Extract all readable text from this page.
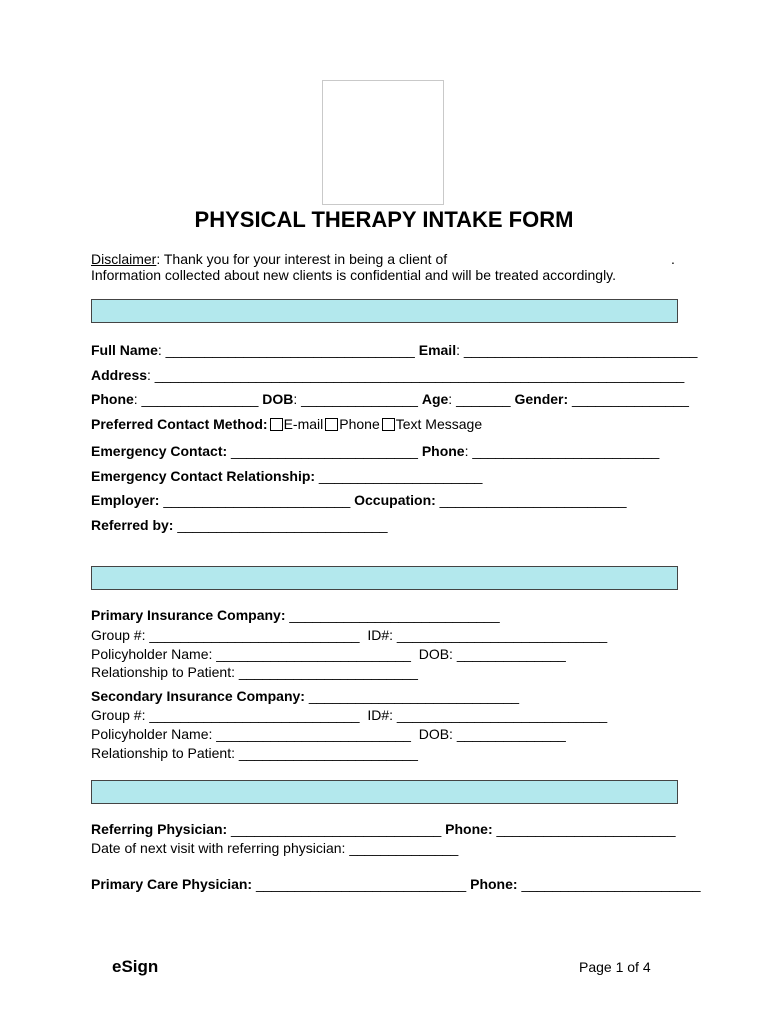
PHYSICAL THERAPY INTAKE FORM
Disclaimer: Thank you for your interest in being a client of	.
Information collected about new clients is confidential and will be treated accordingly.
Full Name: ________________________________ Email: ______________________________
Address: ____________________________________________________________________
Phone: _______________ DOB: _______________ Age: _______ Gender: _______________
Preferred Contact Method: E-mail Phone Text Message
Emergency Contact: ________________________ Phone: ________________________
Emergency Contact Relationship: _____________________
Employer: ________________________ Occupation: ________________________
Referred by: ___________________________
Primary Insurance Company: ___________________________
Group #: ___________________________  ID#: ___________________________
Policyholder Name: _________________________  DOB: ______________
Relationship to Patient: _______________________
Secondary Insurance Company: ___________________________
Group #: ___________________________  ID#: ___________________________
Policyholder Name: _________________________  DOB: ______________
Relationship to Patient: _______________________
Referring Physician: ___________________________ Phone: _______________________
Date of next visit with referring physician: ______________
Primary Care Physician: ___________________________ Phone: _______________________
eSign	Page 1 of 4
